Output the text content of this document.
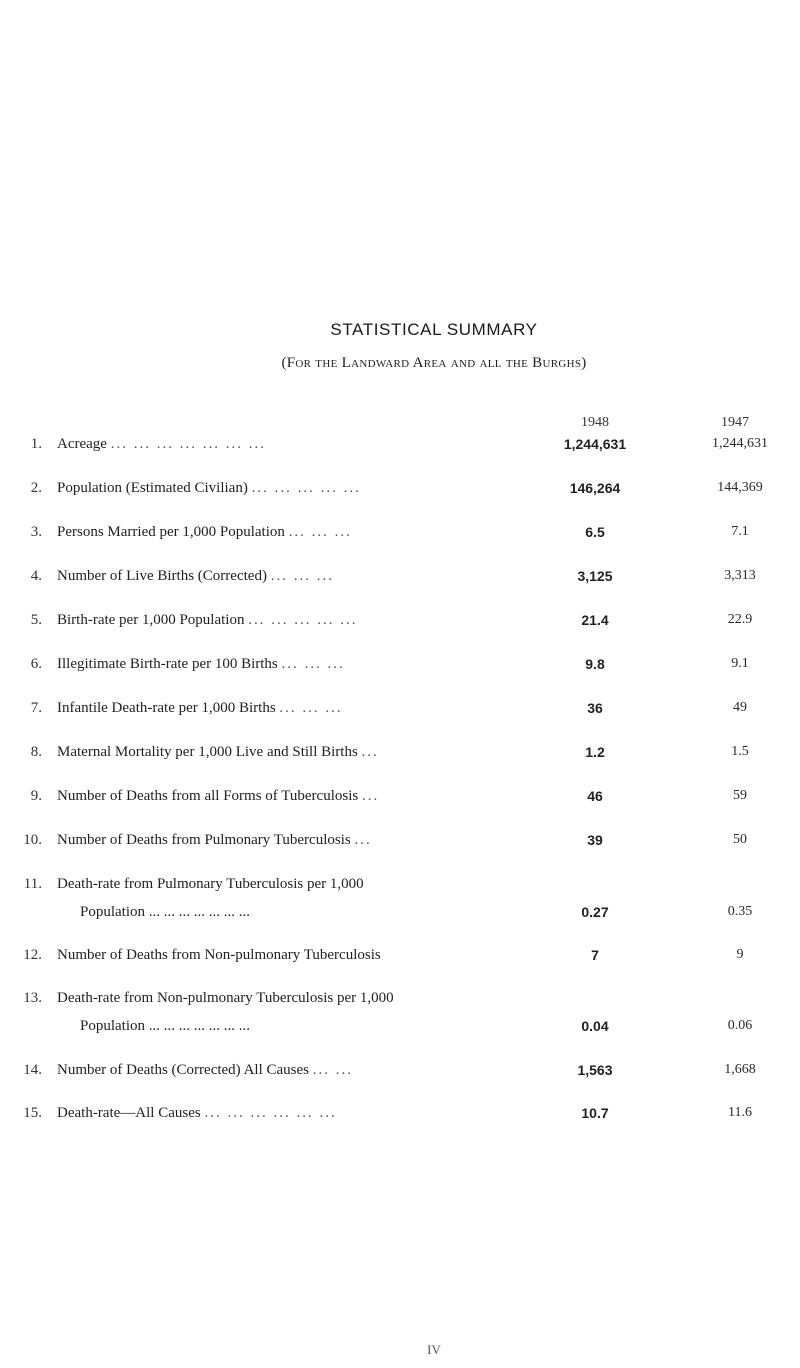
STATISTICAL SUMMARY
(For the Landward Area and all the Burghs)
1948	1947
1. Acreage ... ... ... ... ... ... ...	1,244,631	1,244,631
2. Population (Estimated Civilian) ... ... ... ... ...	146,264	144,369
3. Persons Married per 1,000 Population ... ... ...	6.5	7.1
4. Number of Live Births (Corrected) ... ... ...	3,125	3,313
5. Birth-rate per 1,000 Population ... ... ... ... ...	21.4	22.9
6. Illegitimate Birth-rate per 100 Births ... ... ...	9.8	9.1
7. Infantile Death-rate per 1,000 Births ... ... ...	36	49
8. Maternal Mortality per 1,000 Live and Still Births ...	1.2	1.5
9. Number of Deaths from all Forms of Tuberculosis ...	46	59
10. Number of Deaths from Pulmonary Tuberculosis ...	39	50
11. Death-rate from Pulmonary Tuberculosis per 1,000
Population ... ... ... ... ... ... ...	0.27	0.35
12. Number of Deaths from Non-pulmonary Tuberculosis	7	9
13. Death-rate from Non-pulmonary Tuberculosis per 1,000
Population ... ... ... ... ... ... ...	0.04	0.06
14. Number of Deaths (Corrected) All Causes ... ...	1,563	1,668
15. Death-rate—All Causes ... ... ... ... ... ...	10.7	11.6
IV
